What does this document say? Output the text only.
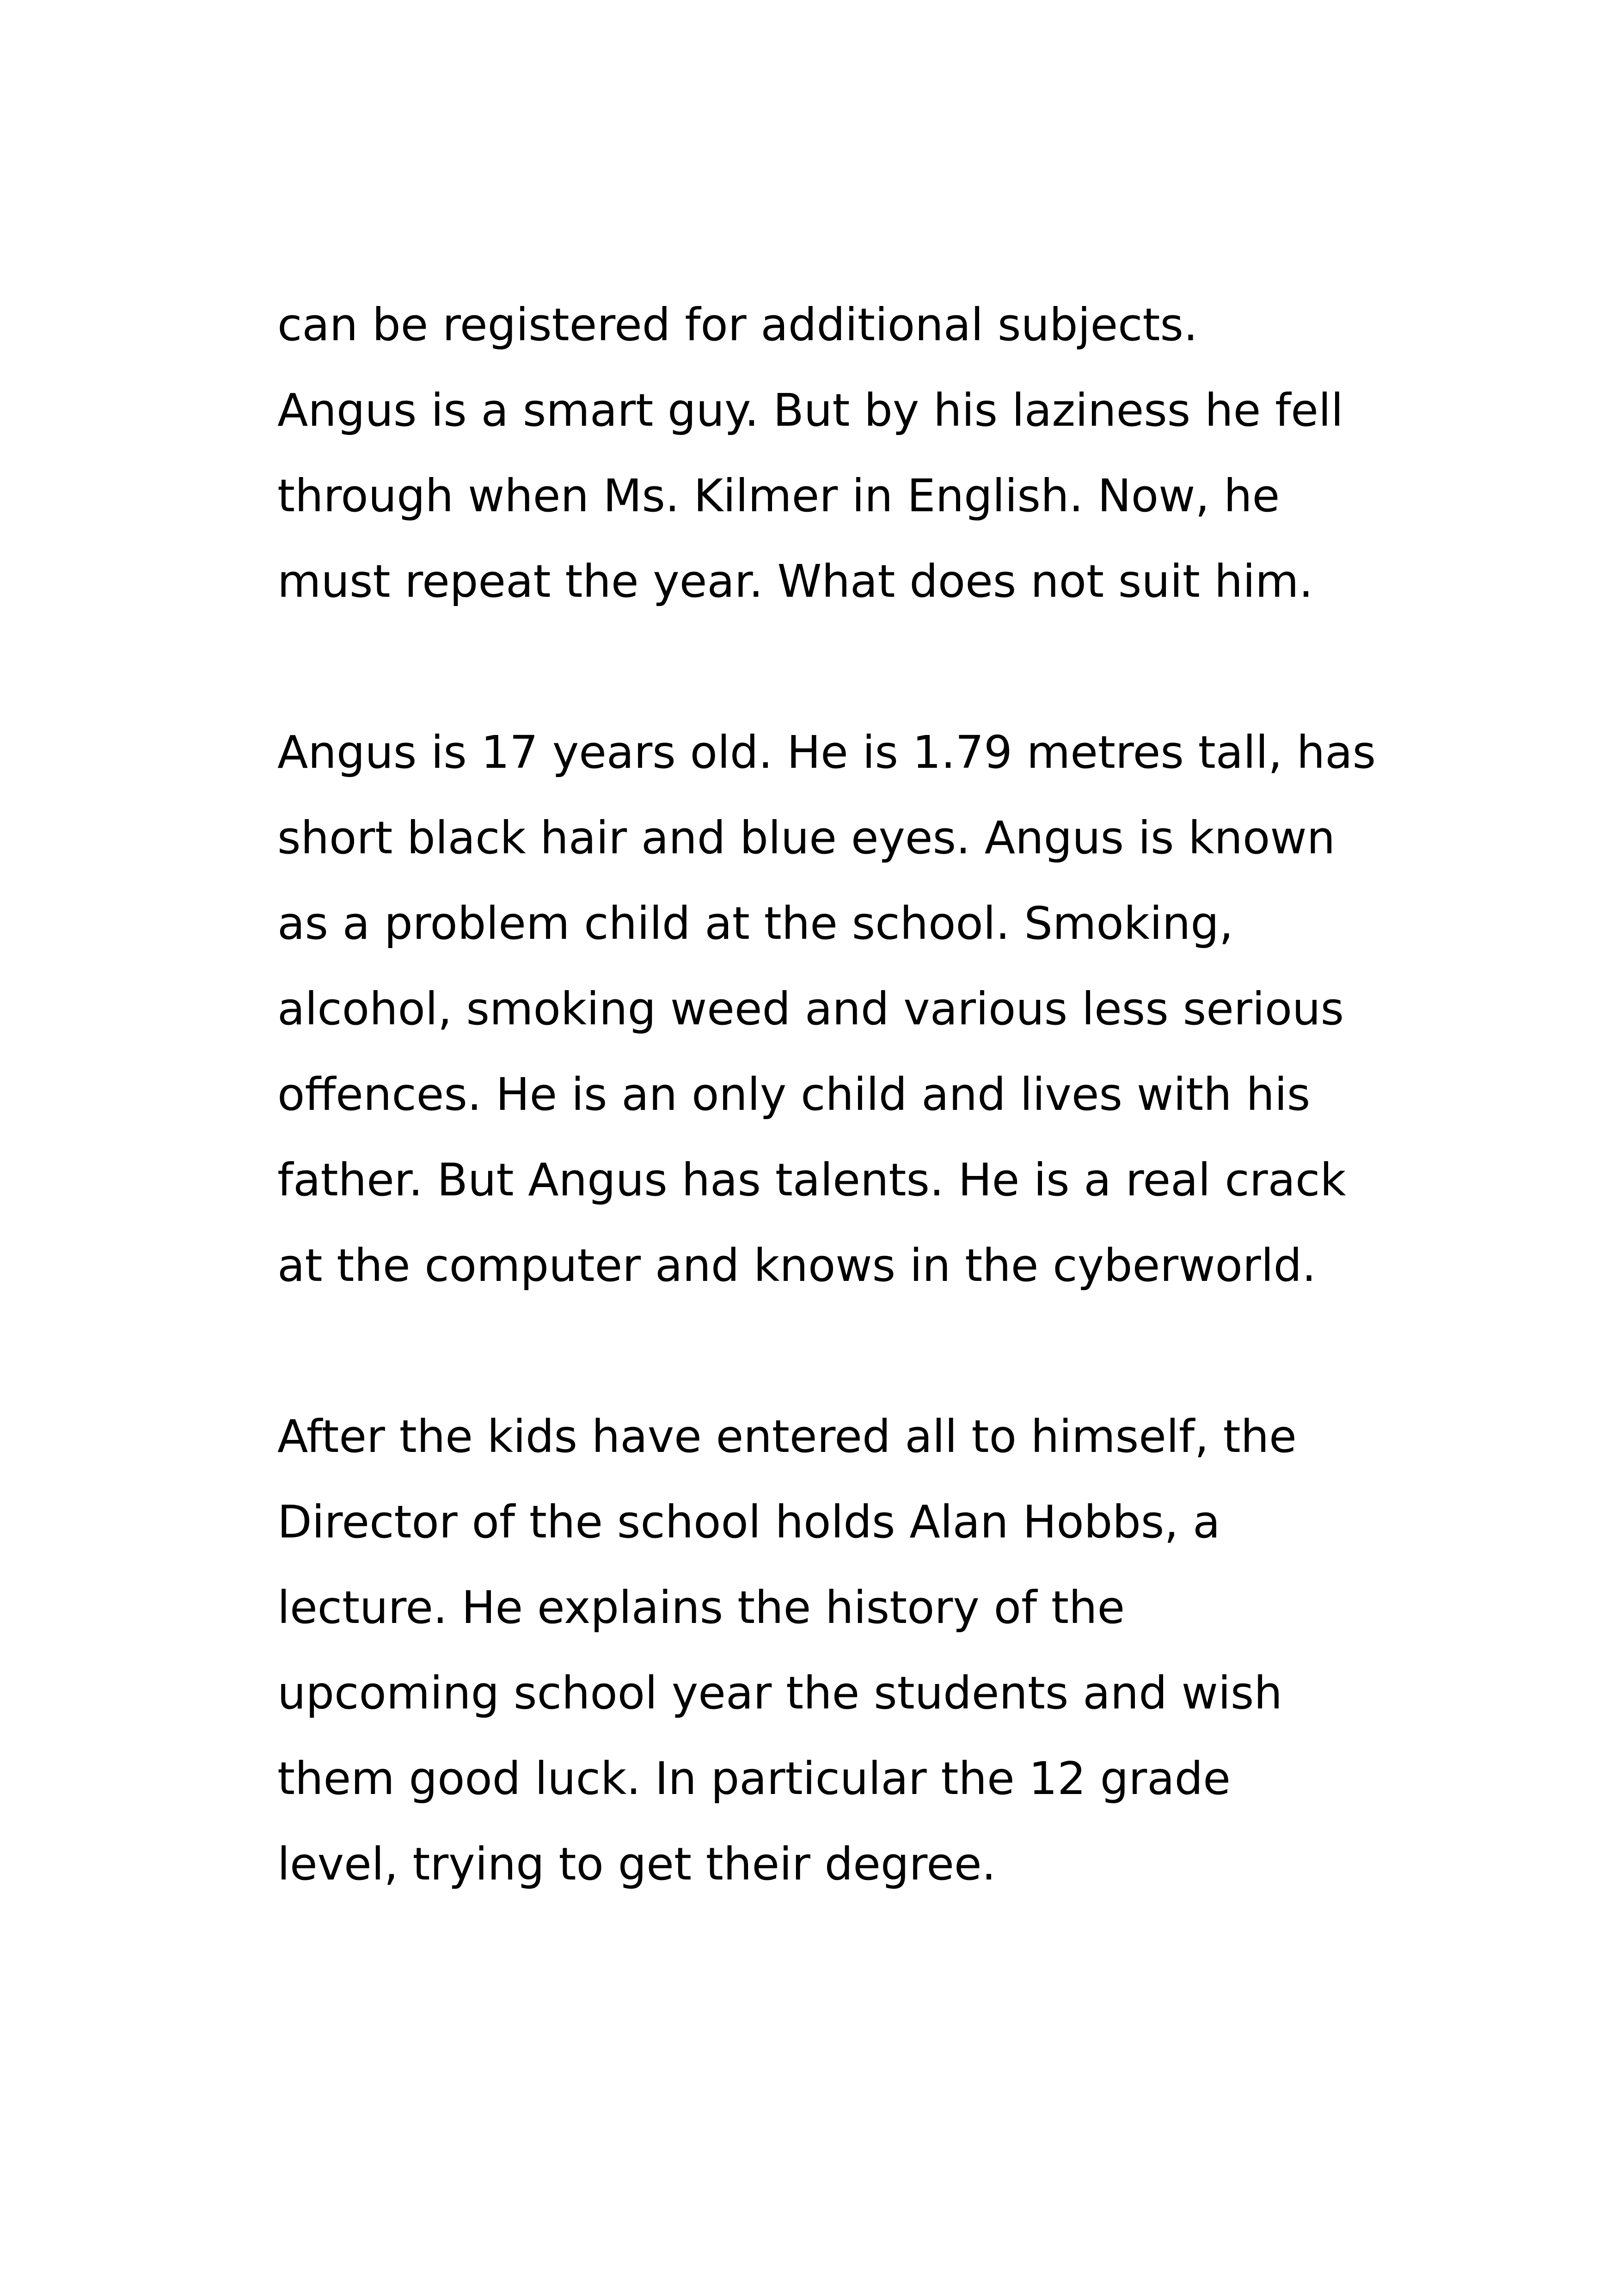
can be registered for additional subjects.
Angus is a smart guy. But by his laziness he fell
through when Ms. Kilmer in English. Now, he
must repeat the year. What does not suit him.

Angus is 17 years old. He is 1.79 metres tall, has
short black hair and blue eyes. Angus is known
as a problem child at the school. Smoking,
alcohol, smoking weed and various less serious
offences. He is an only child and lives with his
father. But Angus has talents. He is a real crack
at the computer and knows in the cyberworld.

After the kids have entered all to himself, the
Director of the school holds Alan Hobbs, a
lecture. He explains the history of the
upcoming school year the students and wish
them good luck. In particular the 12 grade
level, trying to get their degree.
